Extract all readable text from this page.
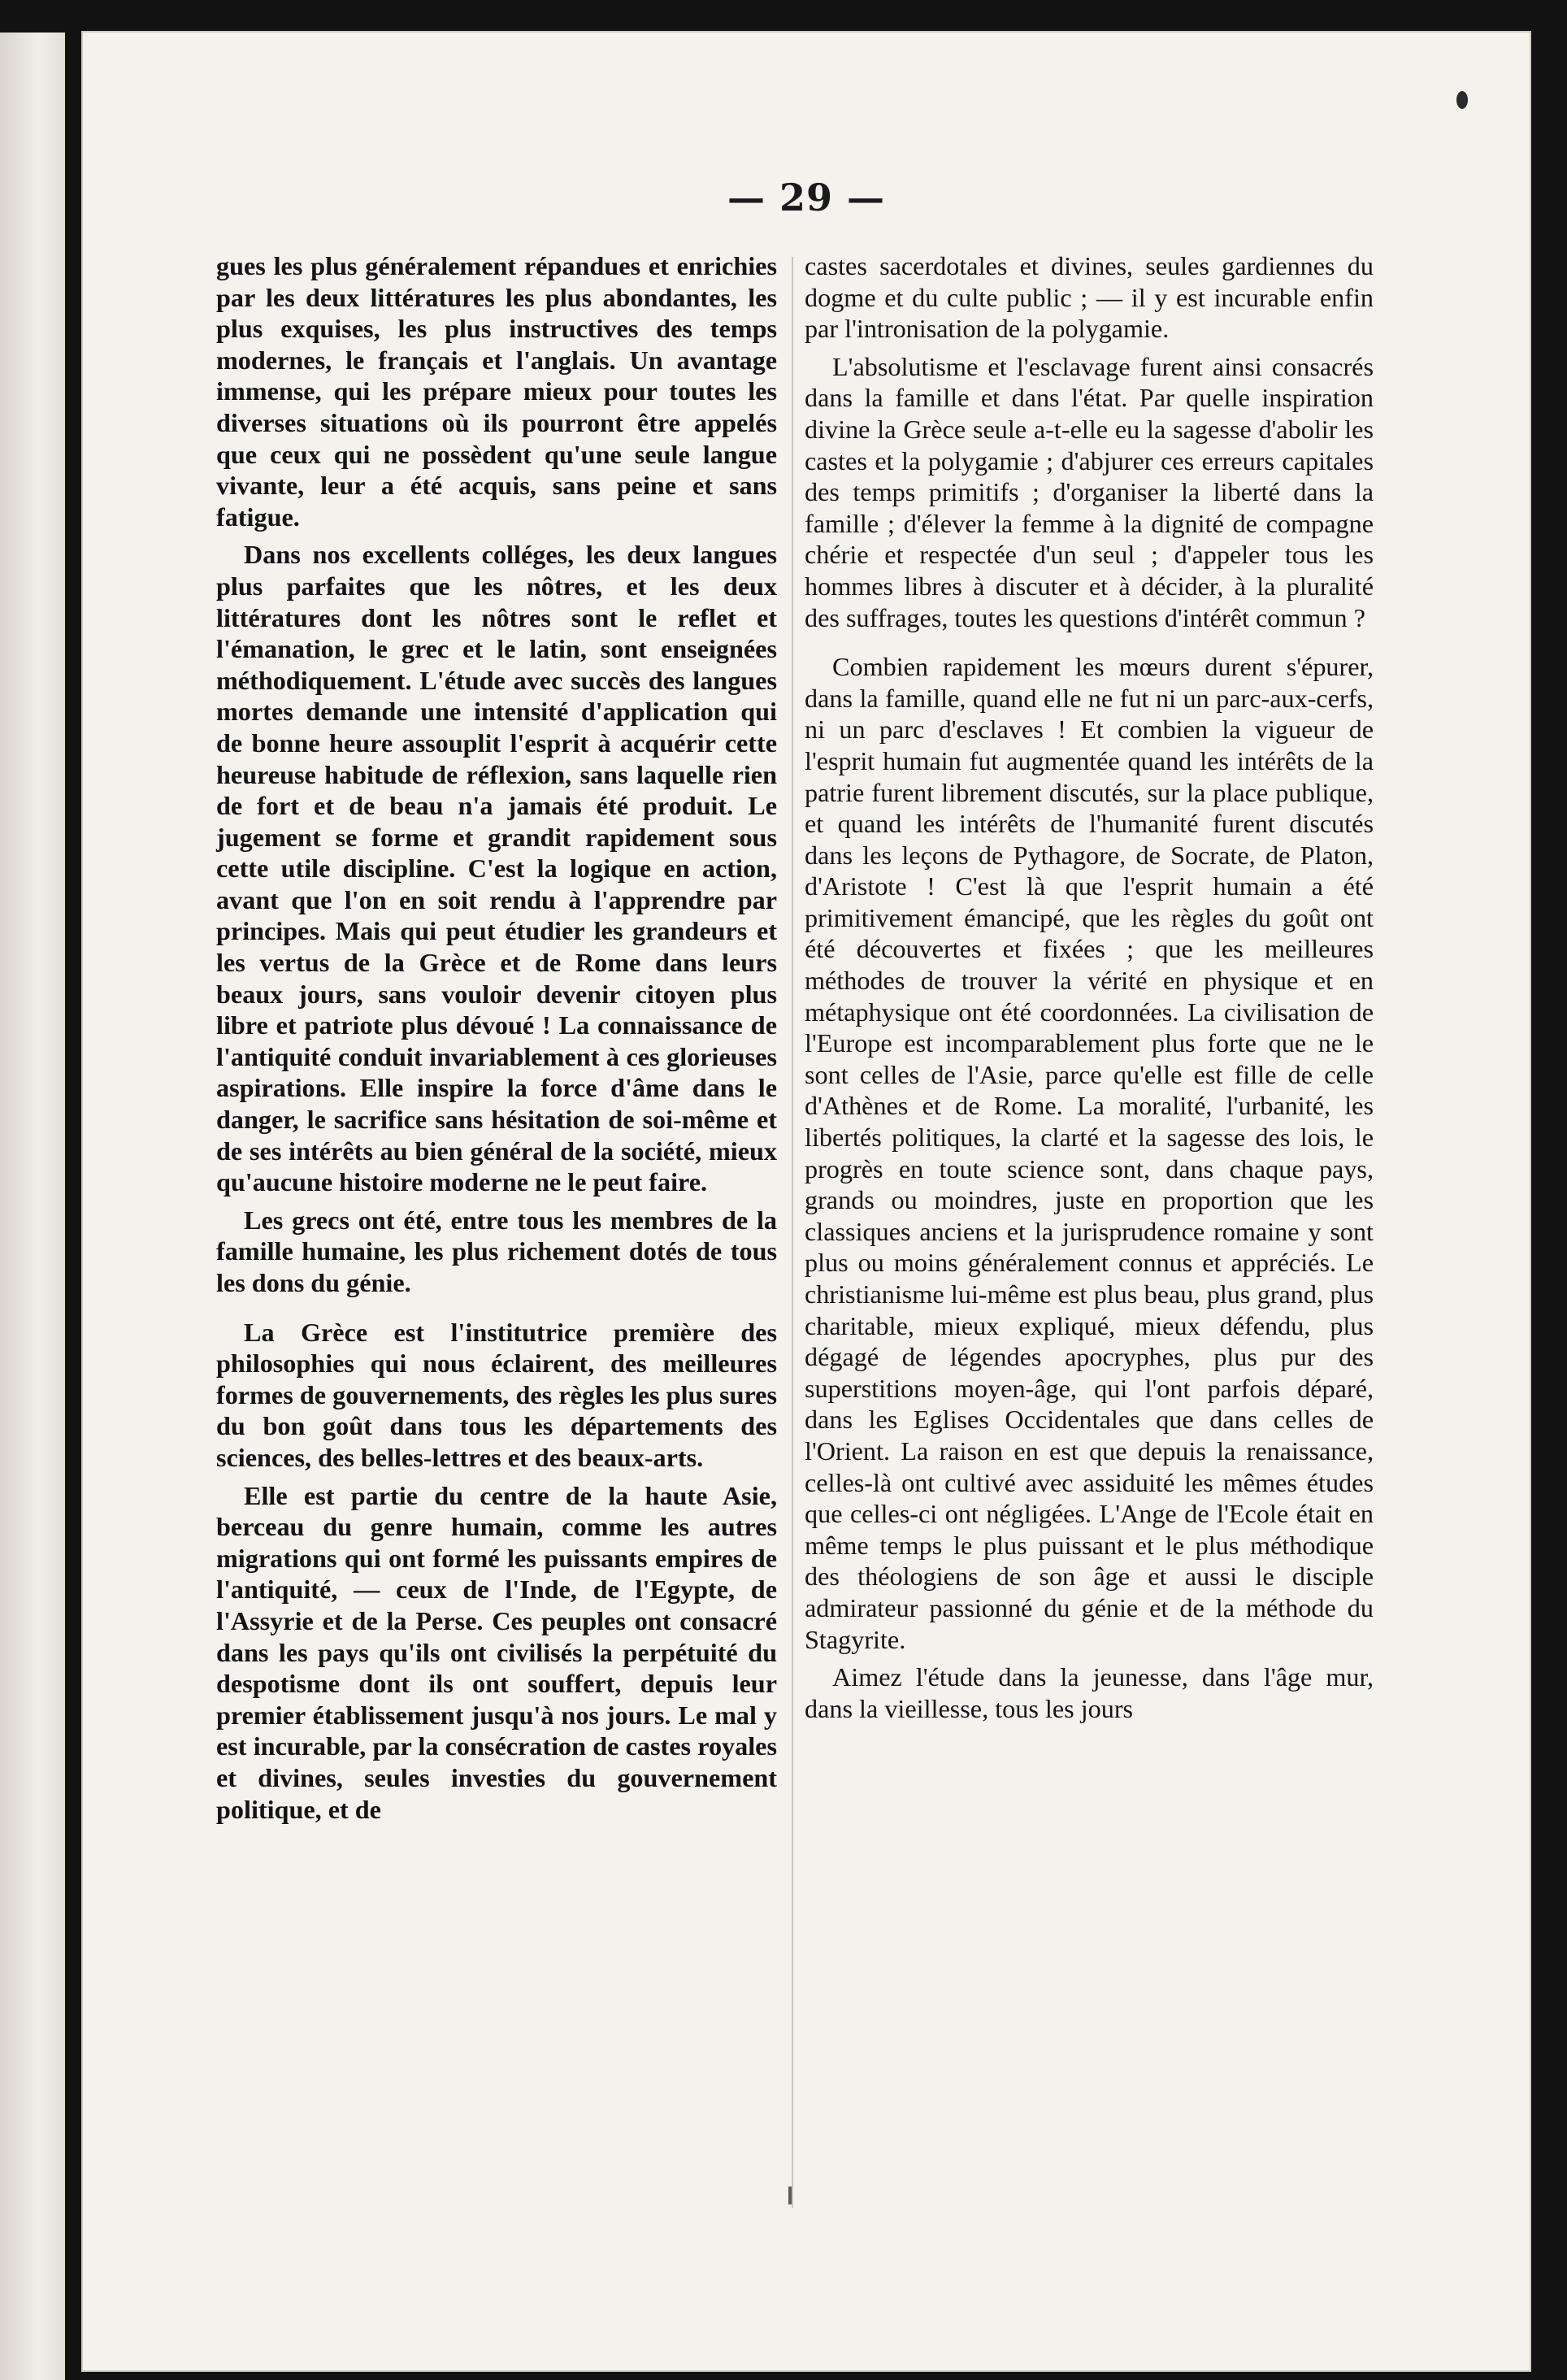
— 29 —

gues les plus généralement répandues et enrichies par les deux littératures les plus abondantes, les plus exquises, les plus instructives des temps modernes, le français et l'anglais. Un avantage immense, qui les prépare mieux pour toutes les diverses situations où ils pourront être appelés que ceux qui ne possèdent qu'une seule langue vivante, leur a été acquis, sans peine et sans fatigue.

Dans nos excellents colléges, les deux langues plus parfaites que les nôtres, et les deux littératures dont les nôtres sont le reflet et l'émanation, le grec et le latin, sont enseignées méthodiquement. L'étude avec succès des langues mortes demande une intensité d'application qui de bonne heure assouplit l'esprit à acquérir cette heureuse habitude de réflexion, sans laquelle rien de fort et de beau n'a jamais été produit. Le jugement se forme et grandit rapidement sous cette utile discipline. C'est la logique en action, avant que l'on en soit rendu à l'apprendre par principes. Mais qui peut étudier les grandeurs et les vertus de la Grèce et de Rome dans leurs beaux jours, sans vouloir devenir citoyen plus libre et patriote plus dévoué ! La connaissance de l'antiquité conduit invariablement à ces glorieuses aspirations. Elle inspire la force d'âme dans le danger, le sacrifice sans hésitation de soi-même et de ses intérêts au bien général de la société, mieux qu'aucune histoire moderne ne le peut faire.

Les grecs ont été, entre tous les membres de la famille humaine, les plus richement dotés de tous les dons du génie.

La Grèce est l'institutrice première des philosophies qui nous éclairent, des meilleures formes de gouvernements, des règles les plus sures du bon goût dans tous les départements des sciences, des belles-lettres et des beaux-arts.

Elle est partie du centre de la haute Asie, berceau du genre humain, comme les autres migrations qui ont formé les puissants empires de l'antiquité, — ceux de l'Inde, de l'Egypte, de l'Assyrie et de la Perse. Ces peuples ont consacré dans les pays qu'ils ont civilisés la perpétuité du despotisme dont ils ont souffert, depuis leur premier établissement jusqu'à nos jours. Le mal y est incurable, par la consécration de castes royales et divines, seules investies du gouvernement politique, et de

castes sacerdotales et divines, seules gardiennes du dogme et du culte public ; — il y est incurable enfin par l'intronisation de la polygamie.

L'absolutisme et l'esclavage furent ainsi consacrés dans la famille et dans l'état. Par quelle inspiration divine la Grèce seule a-t-elle eu la sagesse d'abolir les castes et la polygamie ; d'abjurer ces erreurs capitales des temps primitifs ; d'organiser la liberté dans la famille ; d'élever la femme à la dignité de compagne chérie et respectée d'un seul ; d'appeler tous les hommes libres à discuter et à décider, à la pluralité des suffrages, toutes les questions d'intérêt commun ?

Combien rapidement les mœurs durent s'épurer, dans la famille, quand elle ne fut ni un parc-aux-cerfs, ni un parc d'esclaves ! Et combien la vigueur de l'esprit humain fut augmentée quand les intérêts de la patrie furent librement discutés, sur la place publique, et quand les intérêts de l'humanité furent discutés dans les leçons de Pythagore, de Socrate, de Platon, d'Aristote ! C'est là que l'esprit humain a été primitivement émancipé, que les règles du goût ont été découvertes et fixées ; que les meilleures méthodes de trouver la vérité en physique et en métaphysique ont été coordonnées. La civilisation de l'Europe est incomparablement plus forte que ne le sont celles de l'Asie, parce qu'elle est fille de celle d'Athènes et de Rome. La moralité, l'urbanité, les libertés politiques, la clarté et la sagesse des lois, le progrès en toute science sont, dans chaque pays, grands ou moindres, juste en proportion que les classiques anciens et la jurisprudence romaine y sont plus ou moins généralement connus et appréciés. Le christianisme lui-même est plus beau, plus grand, plus charitable, mieux expliqué, mieux défendu, plus dégagé de légendes apocryphes, plus pur des superstitions moyen-âge, qui l'ont parfois déparé, dans les Eglises Occidentales que dans celles de l'Orient. La raison en est que depuis la renaissance, celles-là ont cultivé avec assiduité les mêmes études que celles-ci ont négligées. L'Ange de l'Ecole était en même temps le plus puissant et le plus méthodique des théologiens de son âge et aussi le disciple admirateur passionné du génie et de la méthode du Stagyrite.

Aimez l'étude dans la jeunesse, dans l'âge mur, dans la vieillesse, tous les jours
